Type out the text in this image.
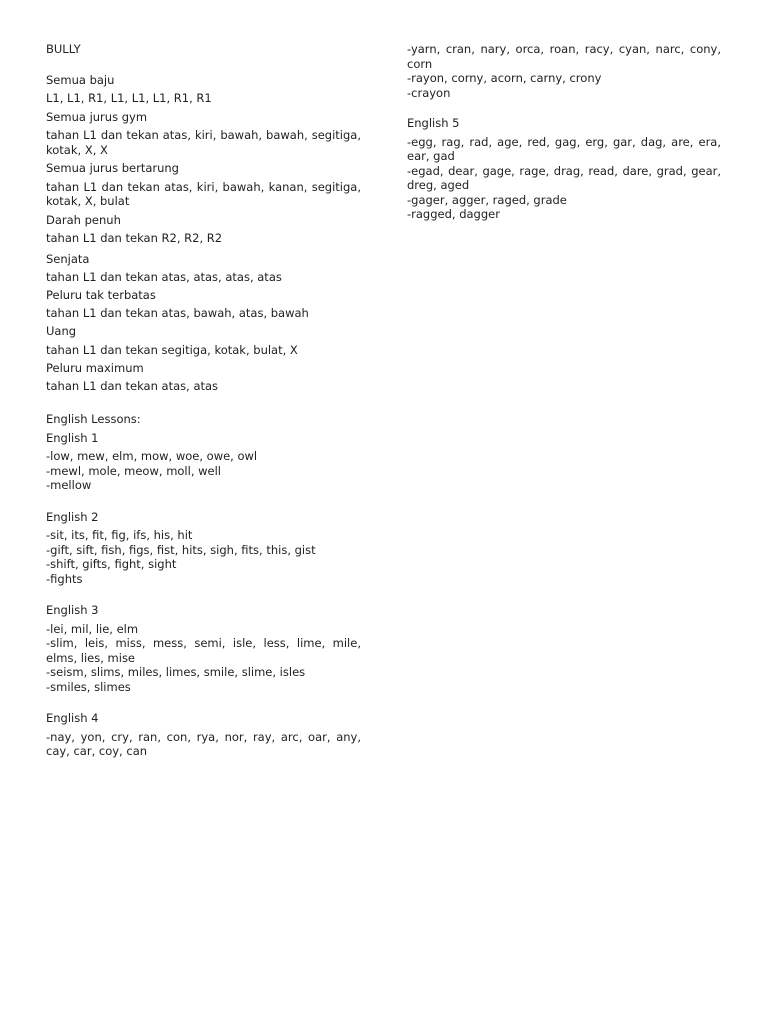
BULLY

Semua baju

L1, L1, R1, L1, L1, L1, R1, R1

Semua jurus gym

tahan L1 dan tekan atas, kiri, bawah, bawah, segitiga, kotak, X, X

Semua jurus bertarung

tahan L1 dan tekan atas, kiri, bawah, kanan, segitiga, kotak, X, bulat

Darah penuh

tahan L1 dan tekan R2, R2, R2

Senjata
tahan L1 dan tekan atas, atas, atas, atas
Peluru tak terbatas
tahan L1 dan tekan atas, bawah, atas, bawah
Uang
tahan L1 dan tekan segitiga, kotak, bulat, X
Peluru maximum
tahan L1 dan tekan atas, atas

English Lessons:

English 1

-low, mew, elm, mow, woe, owe, owl
-mewl, mole, meow, moll, well
-mellow

English 2

-sit, its, fit, fig, ifs, his, hit
-gift, sift, fish, figs, fist, hits, sigh, fits, this, gist
-shift, gifts, fight, sight
-fights

English 3

-lei, mil, lie, elm
-slim, leis, miss, mess, semi, isle, less, lime, mile, elms, lies, mise
-seism, slims, miles, limes, smile, slime, isles
-smiles, slimes

English 4

-nay, yon, cry, ran, con, rya, nor, ray, arc, oar, any, cay, car, coy, can
-yarn, cran, nary, orca, roan, racy, cyan, narc, cony, corn
-rayon, corny, acorn, carny, crony
-crayon

English 5

-egg, rag, rad, age, red, gag, erg, gar, dag, are, era, ear, gad
-egad, dear, gage, rage, drag, read, dare, grad, gear, dreg, aged
-gager, agger, raged, grade
-ragged, dagger
